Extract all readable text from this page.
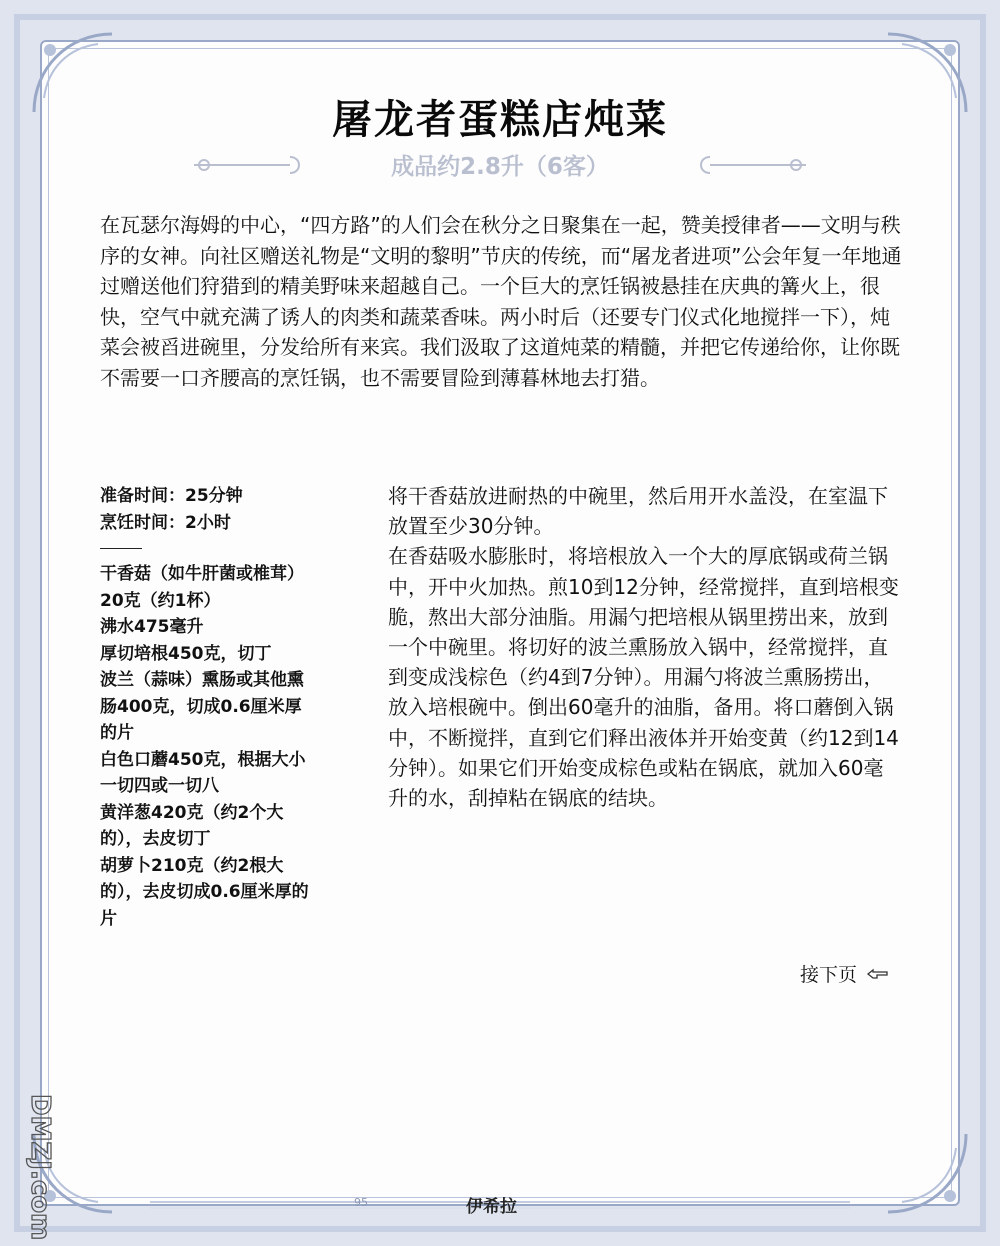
屠龙者蛋糕店炖菜
成品约2.8升（6客）

在瓦瑟尔海姆的中心，“四方路”的人们会在秋分之日聚集在一起，赞美授律者——文明与秩序的女神。向社区赠送礼物是“文明的黎明”节庆的传统，而“屠龙者进项”公会年复一年地通过赠送他们狩猎到的精美野味来超越自己。一个巨大的烹饪锅被悬挂在庆典的篝火上，很快，空气中就充满了诱人的肉类和蔬菜香味。两小时后（还要专门仪式化地搅拌一下），炖菜会被舀进碗里，分发给所有来宾。我们汲取了这道炖菜的精髓，并把它传递给你，让你既不需要一口齐腰高的烹饪锅，也不需要冒险到薄暮林地去打猎。

准备时间：25分钟
烹饪时间：2小时
干香菇（如牛肝菌或椎茸）20克（约1杯）
沸水475毫升
厚切培根450克，切丁
波兰（蒜味）熏肠或其他熏肠400克，切成0.6厘米厚的片
白色口蘑450克，根据大小一切四或一切八
黄洋葱420克（约2个大的），去皮切丁
胡萝卜210克（约2根大的），去皮切成0.6厘米厚的片

将干香菇放进耐热的中碗里，然后用开水盖没，在室温下放置至少30分钟。

在香菇吸水膨胀时，将培根放入一个大的厚底锅或荷兰锅中，开中火加热。煎10到12分钟，经常搅拌，直到培根变脆，熬出大部分油脂。用漏勺把培根从锅里捞出来，放到一个中碗里。将切好的波兰熏肠放入锅中，经常搅拌，直到变成浅棕色（约4到7分钟）。用漏勺将波兰熏肠捞出，放入培根碗中。倒出60毫升的油脂，备用。将口蘑倒入锅中，不断搅拌，直到它们释出液体并开始变黄（约12到14分钟）。如果它们开始变成棕色或粘在锅底，就加入60毫升的水，刮掉粘在锅底的结块。

接下页
95	伊希拉
DMZJ.com
